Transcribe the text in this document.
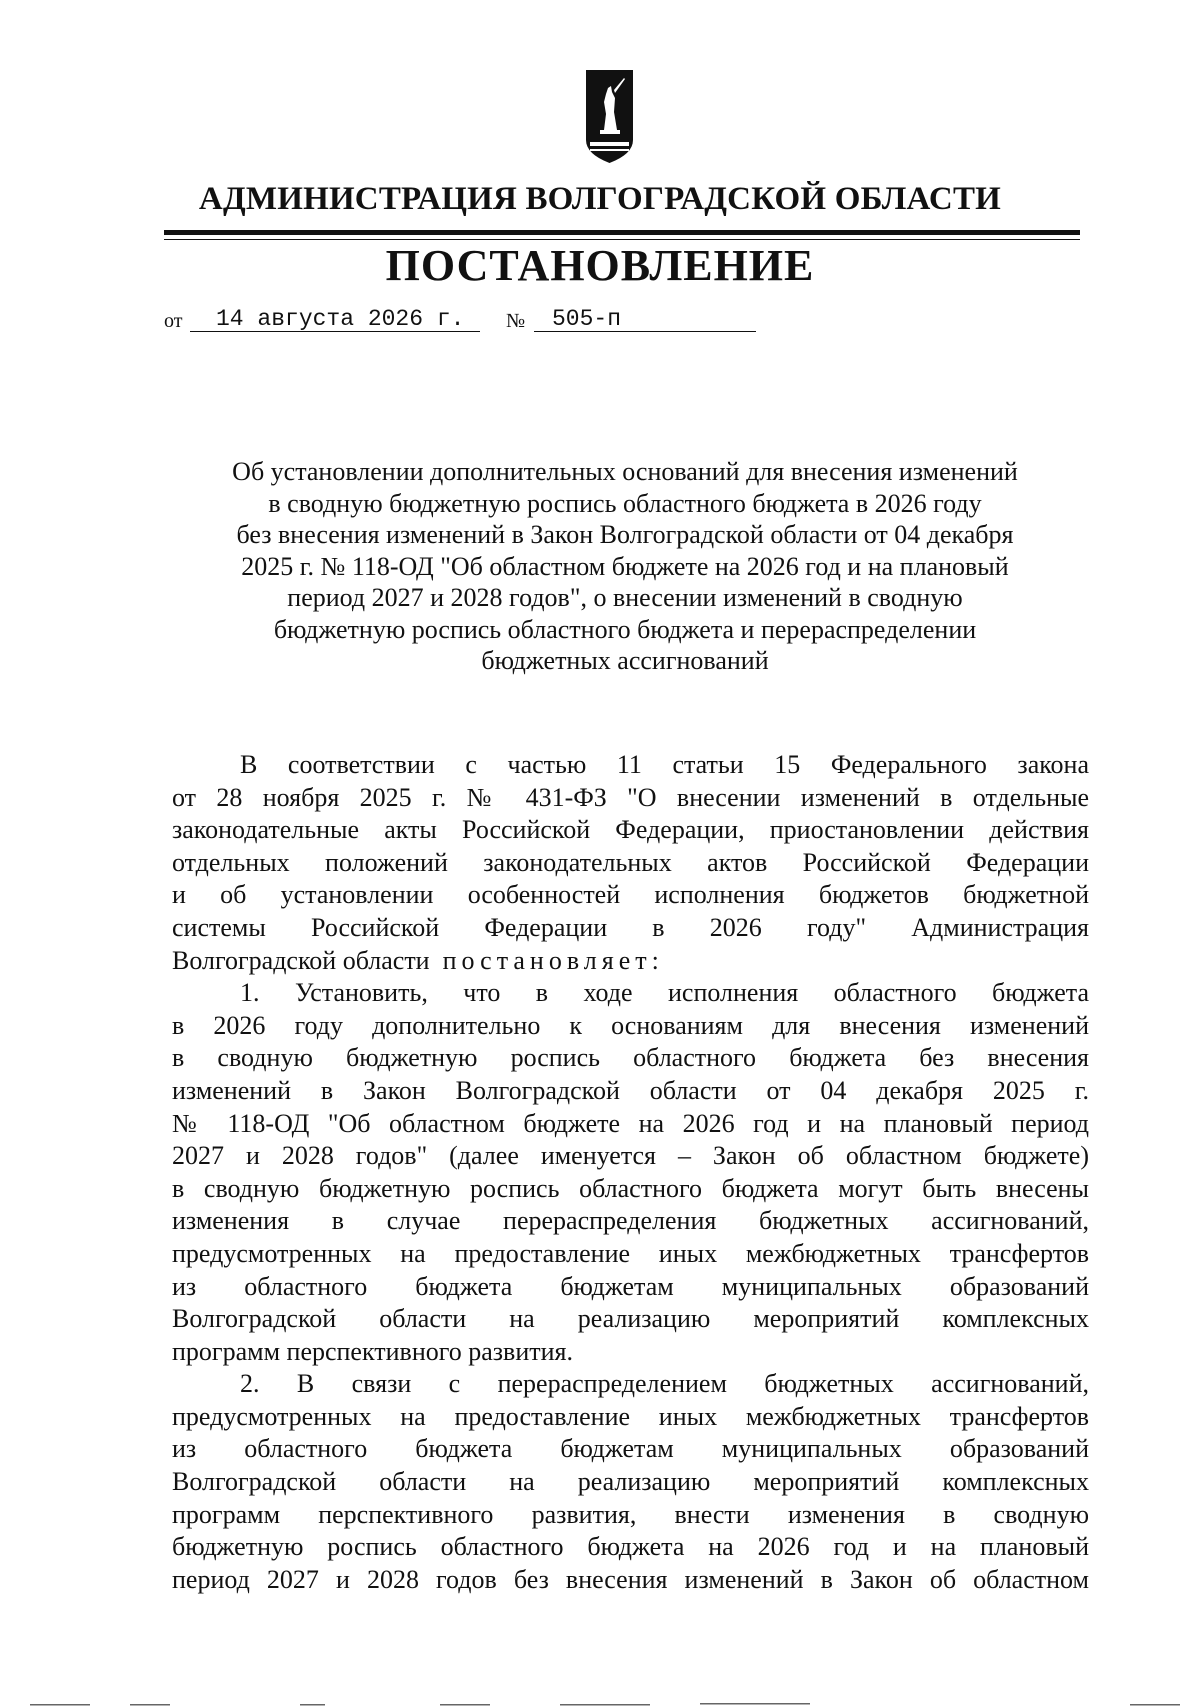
АДМИНИСТРАЦИЯ ВОЛГОГРАДСКОЙ ОБЛАСТИ
ПОСТАНОВЛЕНИЕ
от	14 августа 2026 г.	№	505-п
Об установлении дополнительных оснований для внесения изменений
в сводную бюджетную роспись областного бюджета в 2026 году
без внесения изменений в Закон Волгоградской области от 04 декабря
2025 г. № 118-ОД "Об областном бюджете на 2026 год и на плановый
период 2027 и 2028 годов", о внесении изменений в сводную
бюджетную роспись областного бюджета и перераспределении
бюджетных ассигнований
В соответствии с частью 11 статьи 15 Федерального закона
от 28 ноября 2025 г. № 431-ФЗ "О внесении изменений в отдельные
законодательные акты Российской Федерации, приостановлении действия
отдельных положений законодательных актов Российской Федерации
и об установлении особенностей исполнения бюджетов бюджетной
системы Российской Федерации в 2026 году" Администрация
Волгоградской области постановляет:
1. Установить, что в ходе исполнения областного бюджета
в 2026 году дополнительно к основаниям для внесения изменений
в сводную бюджетную роспись областного бюджета без внесения
изменений в Закон Волгоградской области от 04 декабря 2025 г.
№ 118-ОД "Об областном бюджете на 2026 год и на плановый период
2027 и 2028 годов" (далее именуется – Закон об областном бюджете)
в сводную бюджетную роспись областного бюджета могут быть внесены
изменения в случае перераспределения бюджетных ассигнований,
предусмотренных на предоставление иных межбюджетных трансфертов
из областного бюджета бюджетам муниципальных образований
Волгоградской области на реализацию мероприятий комплексных
программ перспективного развития.
2. В связи с перераспределением бюджетных ассигнований,
предусмотренных на предоставление иных межбюджетных трансфертов
из областного бюджета бюджетам муниципальных образований
Волгоградской области на реализацию мероприятий комплексных
программ перспективного развития, внести изменения в сводную
бюджетную роспись областного бюджета на 2026 год и на плановый
период 2027 и 2028 годов без внесения изменений в Закон об областном
